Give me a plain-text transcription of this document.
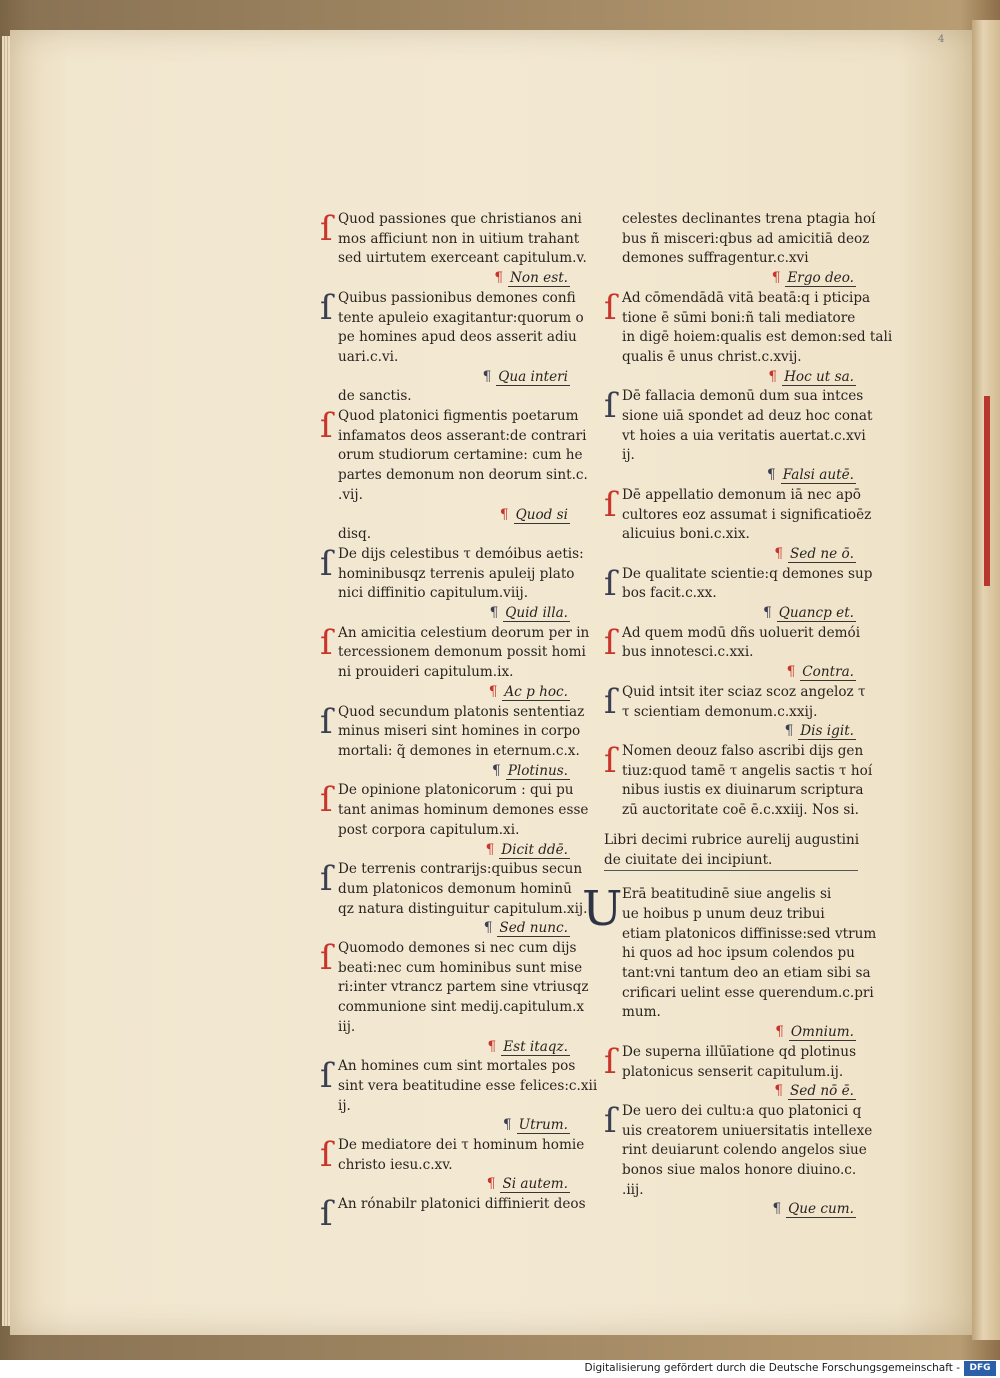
4
ſ Quod passiones que christianos ani
mos afficiunt non in uitium trahant
sed uirtutem exerceant capitulum.v.
¶ Non est.
ſ Quibus passionibus demones confi
tente apuleio exagitantur:quorum o
pe homines apud deos asserit adiu
uari.c.vi.
¶ Qua interi
de sanctis.
ſ Quod platonici figmentis poetarum
infamatos deos asserant:de contrari
orum studiorum certamine: cum he
partes demonum non deorum sint.c.
.vij.
¶ Quod si
disq.
ſ De dijs celestibus τ demóibus aetis:
hominibusqz terrenis apuleij plato
nici diffinitio capitulum.viij.
¶ Quid illa.
ſ An amicitia celestium deorum per in
tercessionem demonum possit homi
ni prouideri capitulum.ix.
¶ Ac p hoc.
ſ Quod secundum platonis sententiaz
minus miseri sint homines in corpo
mortali: q̃ demones in eternum.c.x.
¶ Plotinus.
ſ De opinione platonicorum : qui pu
tant animas hominum demones esse
post corpora capitulum.xi.
¶ Dicit ddē.
ſ De terrenis contrarijs:quibus secun
dum platonicos demonum hominū
qz natura distinguitur capitulum.xij.
¶ Sed nunc.
ſ Quomodo demones si nec cum dijs
beati:nec cum hominibus sunt mise
ri:inter vtrancz partem sine vtriusqz
communione sint medij.capitulum.x
iij.
¶ Est itaqz.
ſ An homines cum sint mortales pos
sint vera beatitudine esse felices:c.xii
ij.
¶ Utrum.
ſ De mediatore dei τ hominum homie
christo iesu.c.xv.
¶ Si autem.
ſ An rónabilr platonici diffinierit deos
celestes declinantes trena ptagia hoí
bus ñ misceri:qbus ad amicitiā deoz
demones suffragentur.c.xvi
¶ Ergo deo.
ſ Ad cōmendādā vitā beatā:q i pticipa
tione ē sūmi boni:ñ tali mediatore
in digē hoiem:qualis est demon:sed tali
qualis ē unus christ.c.xvij.
¶ Hoc ut sa.
ſ Dē fallacia demonū dum sua intces
sione uiā spondet ad deuz hoc conat
vt hoies a uia veritatis auertat.c.xvi
ij.
¶ Falsi autē.
ſ Dē appellatio demonum iā nec apō
cultores eoz assumat i significatioēz
alicuius boni.c.xix.
¶ Sed ne ō.
ſ De qualitate scientie:q demones sup
bos facit.c.xx.
¶ Quancp et.
ſ Ad quem modū dñs uoluerit demói
bus innotesci.c.xxi.
¶ Contra.
ſ Quid intsit iter sciaz scoz angeloz τ
τ scientiam demonum.c.xxij.
¶ Dis igit.
ſ Nomen deouz falso ascribi dijs gen
tiuz:quod tamē τ angelis sactis τ hoí
nibus iustis ex diuinarum scriptura
zū auctoritate coē ē.c.xxiij. Nos si.
Libri decimi rubrice aurelij augustini
de ciuitate dei incipiunt.
U Erā beatitudinē siue angelis si
ue hoibus p unum deuz tribui
etiam platonicos diffinisse:sed vtrum
hi quos ad hoc ipsum colendos pu
tant:vni tantum deo an etiam sibi sa
crificari uelint esse querendum.c.pri
mum.
¶ Omnium.
ſ De superna illūīatione qd plotinus
platonicus senserit capitulum.ij.
¶ Sed nō ē.
ſ De uero dei cultu:a quo platonici q
uis creatorem uniuersitatis intellexe
rint deuiarunt colendo angelos siue
bonos siue malos honore diuino.c.
.iij.
¶ Que cum.
Digitalisierung gefördert durch die Deutsche Forschungsgemeinschaft -	DFG
